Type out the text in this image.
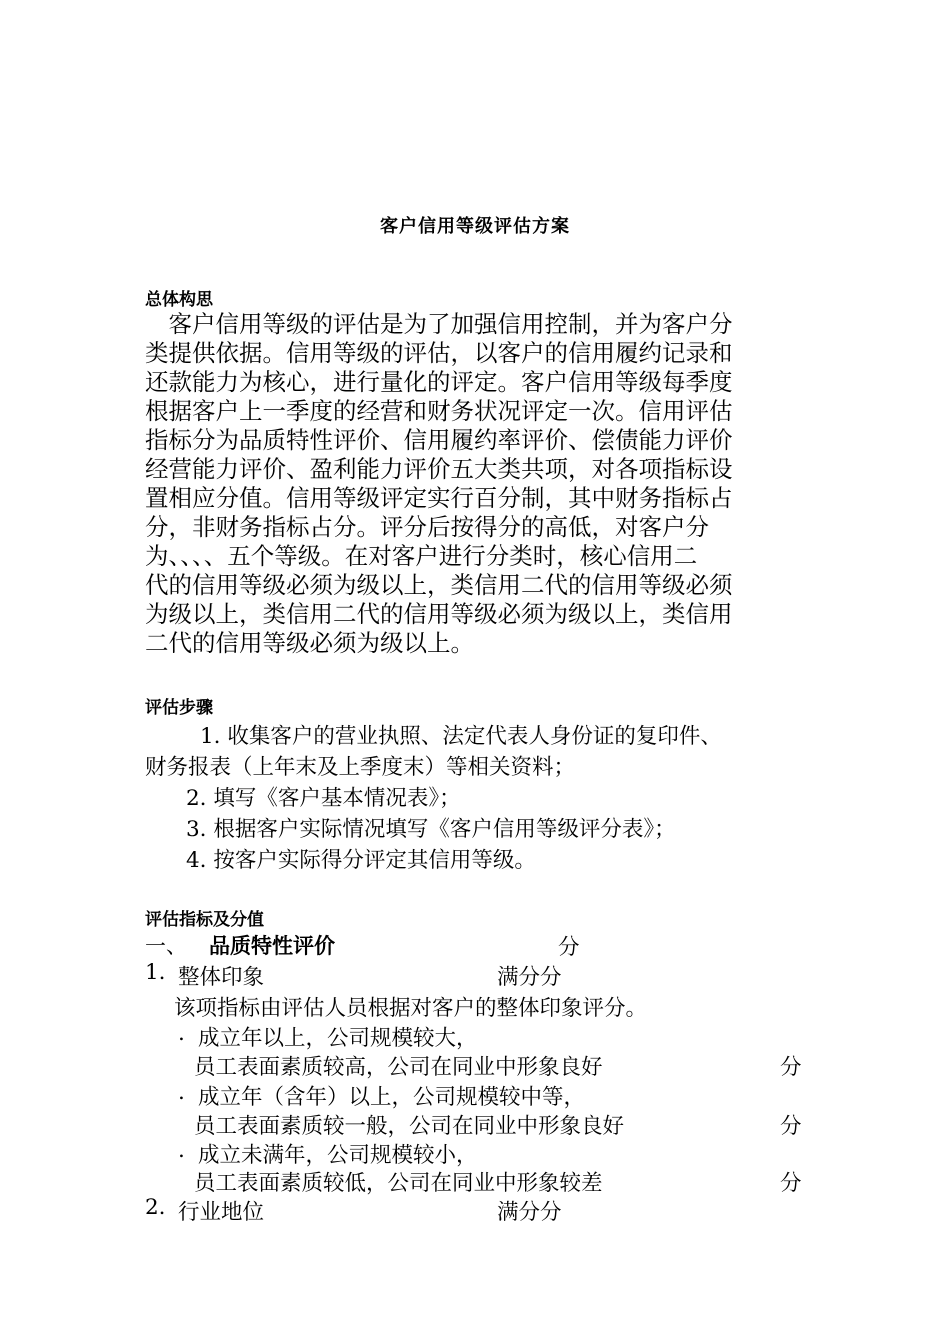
客户信用等级评估方案
总体构思

　客户信用等级的评估是为了加强信用控制，并为客户分

类提供依据。信用等级的评估，以客户的信用履约记录和

还款能力为核心，进行量化的评定。客户信用等级每季度

根据客户上一季度的经营和财务状况评定一次。信用评估

指标分为品质特性评价、信用履约率评价、偿债能力评价

经营能力评价、盈利能力评价五大类共项，对各项指标设

置相应分值。信用等级评定实行百分制，其中财务指标占

分，非财务指标占分。评分后按得分的高低，对客户分

为、、、、五个等级。在对客户进行分类时，核心信用二

代的信用等级必须为级以上，类信用二代的信用等级必须

为级以上，类信用二代的信用等级必须为级以上，类信用

二代的信用等级必须为级以上。

评估步骤
1. 收集客户的营业执照、法定代表人身份证的复印件、
财务报表（上年末及上季度末）等相关资料；
2. 填写《客户基本情况表》；
3. 根据客户实际情况填写《客户信用等级评分表》；
4. 按客户实际得分评定其信用等级。
评估指标及分值
一、 品质特性评价	分
1. 整体印象	满分分
该项指标由评估人员根据对客户的整体印象评分。
. 成立年以上，公司规模较大，
员工表面素质较高，公司在同业中形象良好	分
. 成立年（含年）以上，公司规模较中等，
员工表面素质较一般，公司在同业中形象良好	分
. 成立未满年，公司规模较小，
员工表面素质较低，公司在同业中形象较差	分
2. 行业地位	满分分
